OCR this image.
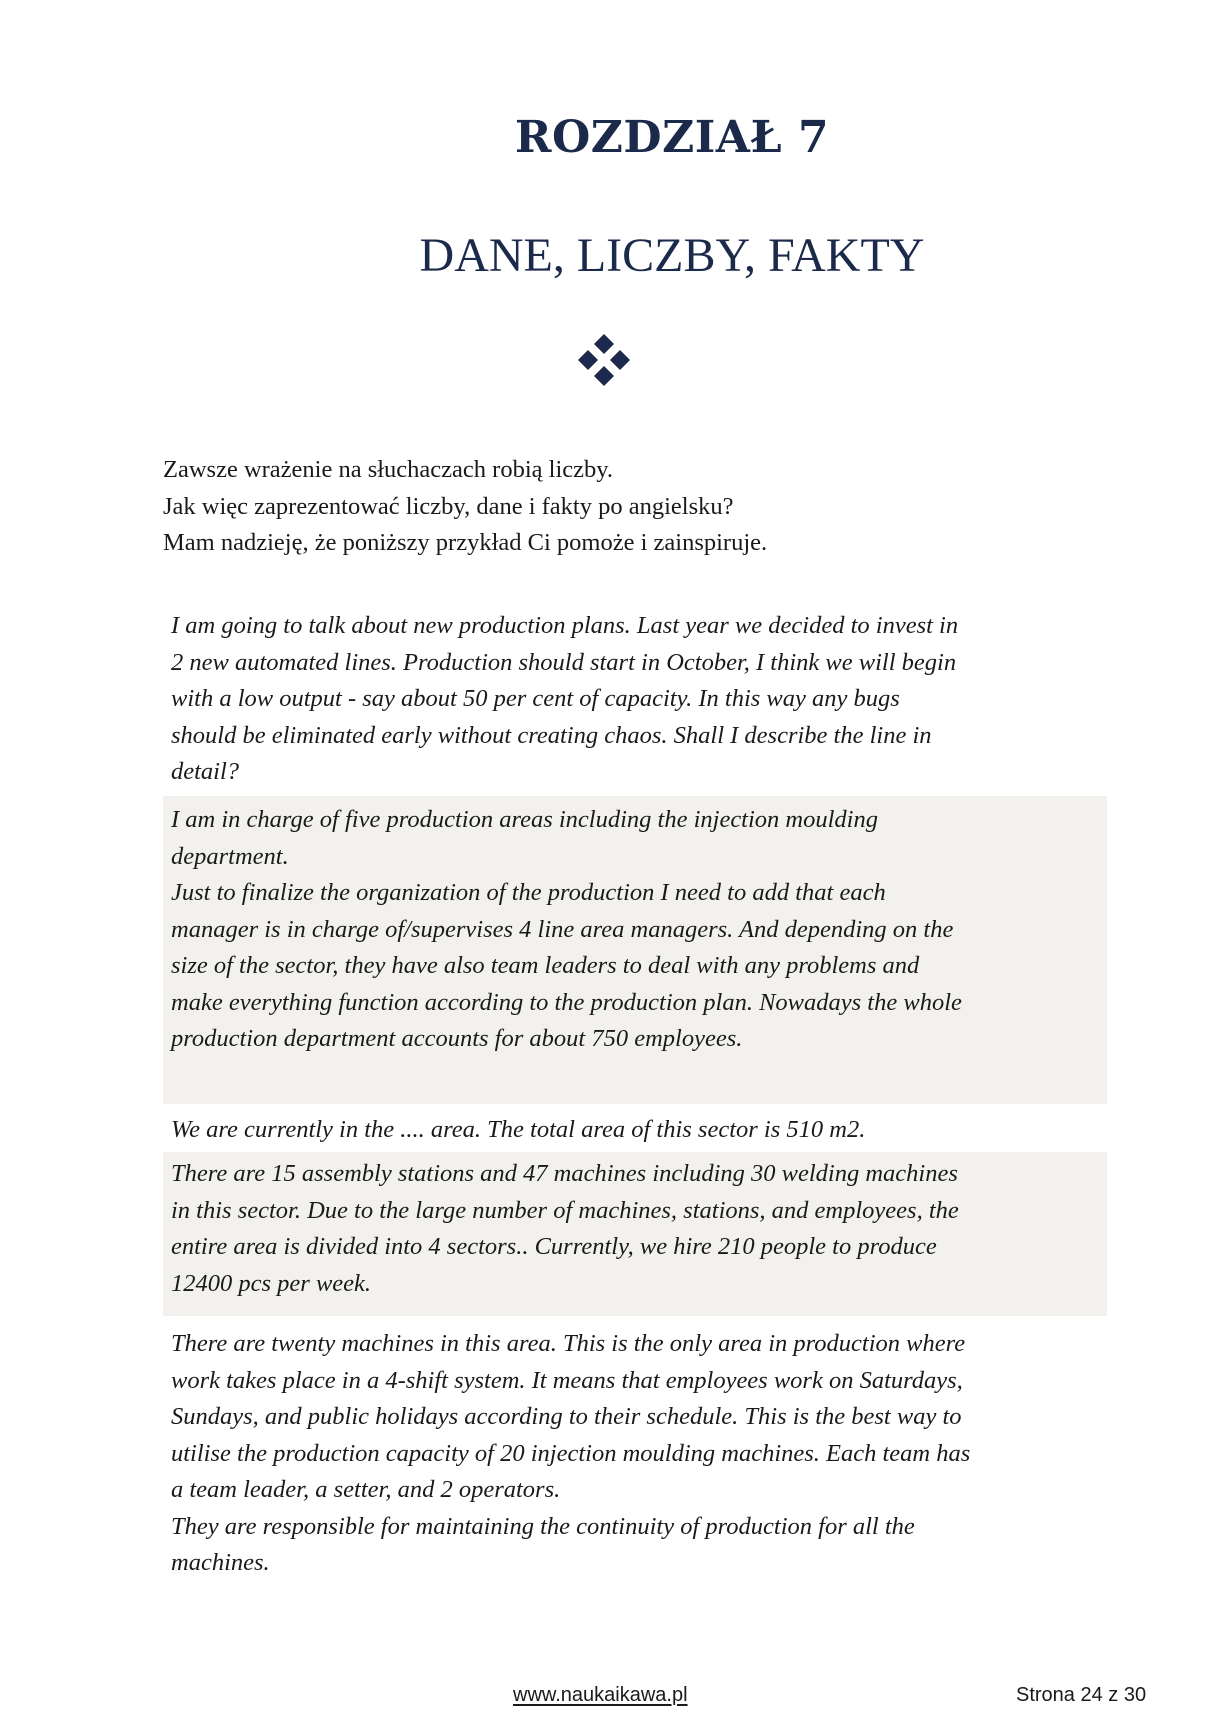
ROZDZIAŁ 7
DANE, LICZBY, FAKTY
Zawsze wrażenie na słuchaczach robią liczby.
Jak więc zaprezentować liczby, dane i fakty po angielsku?
Mam nadzieję, że poniższy przykład Ci pomoże i zainspiruje.
I am going to talk about new production plans. Last year we decided to invest in
2 new automated lines. Production should start in October, I think we will begin
with a low output - say about 50 per cent of capacity. In this way any bugs
should be eliminated early without creating chaos. Shall I describe the line in
detail?
I am in charge of five production areas including the injection moulding
department.
Just to finalize the organization of the production I need to add that each
manager is in charge of/supervises 4 line area managers. And depending on the
size of the sector, they have also team leaders to deal with any problems and
make everything function according to the production plan. Nowadays the whole
production department accounts for about 750 employees.
We are currently in the .... area. The total area of this sector is 510 m2.
There are 15 assembly stations and 47 machines including 30 welding machines
in this sector. Due to the large number of machines, stations, and employees, the
entire area is divided into 4 sectors.. Currently, we hire 210 people to produce
12400 pcs per week.
There are twenty machines in this area. This is the only area in production where
work takes place in a 4-shift system. It means that employees work on Saturdays,
Sundays, and public holidays according to their schedule. This is the best way to
utilise the production capacity of 20 injection moulding machines. Each team has
a team leader, a setter, and 2 operators.
They are responsible for maintaining the continuity of production for all the
machines.
www.naukaikawa.pl	Strona 24 z 30
